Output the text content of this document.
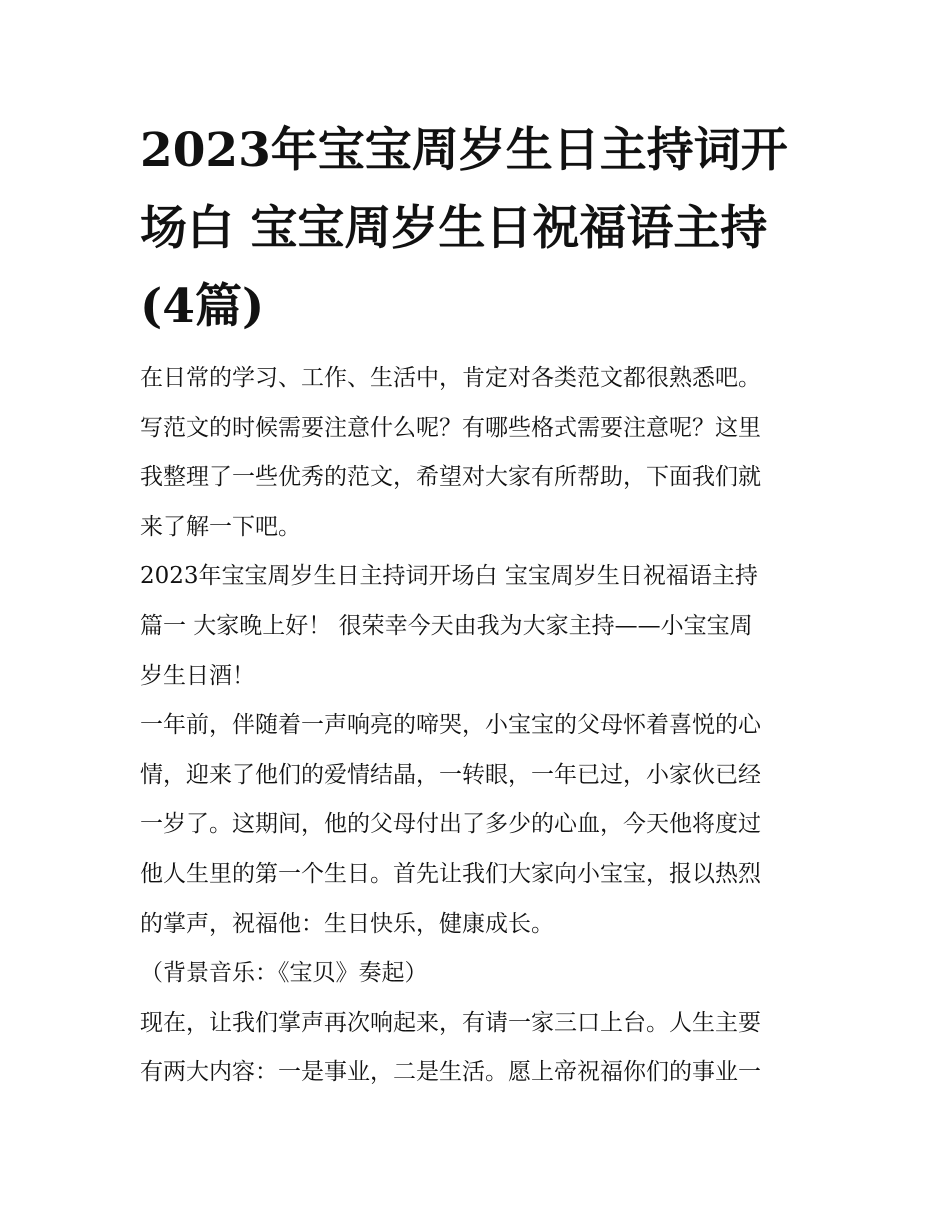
2023年宝宝周岁生日主持词开
场白 宝宝周岁生日祝福语主持
(4篇)
在日常的学习、工作、生活中，肯定对各类范文都很熟悉吧。
写范文的时候需要注意什么呢？有哪些格式需要注意呢？这里
我整理了一些优秀的范文，希望对大家有所帮助，下面我们就
来了解一下吧。
2023年宝宝周岁生日主持词开场白 宝宝周岁生日祝福语主持
篇一 大家晚上好！ 很荣幸今天由我为大家主持——小宝宝周
岁生日酒！
一年前，伴随着一声响亮的啼哭，小宝宝的父母怀着喜悦的心
情，迎来了他们的爱情结晶，一转眼，一年已过，小家伙已经
一岁了。这期间，他的父母付出了多少的心血，今天他将度过
他人生里的第一个生日。首先让我们大家向小宝宝，报以热烈
的掌声，祝福他：生日快乐，健康成长。
（背景音乐：《宝贝》奏起）
现在，让我们掌声再次响起来，有请一家三口上台。人生主要
有两大内容：一是事业，二是生活。愿上帝祝福你们的事业一
